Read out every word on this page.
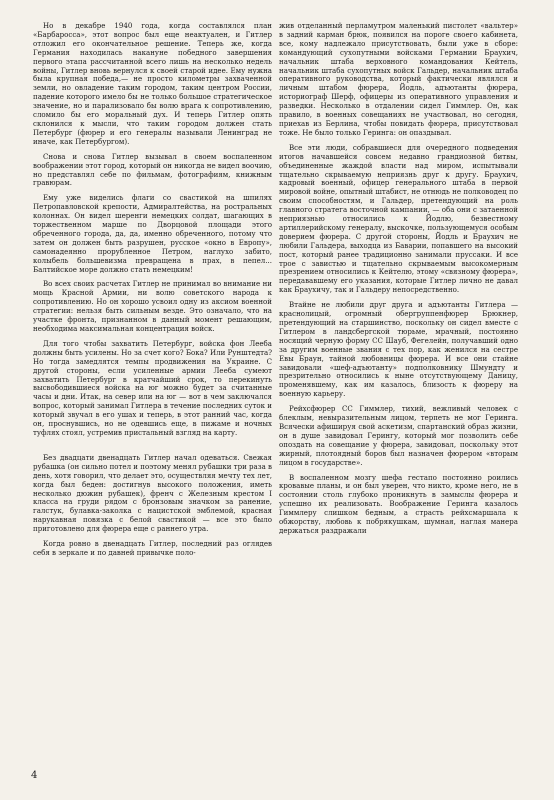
Но в декабре 1940 года, когда составлялся план «Барбаросса», этот вопрос был еще неактуален, и Гитлер отложил его окончательное решение. Теперь же, когда Германия находилась накануне победного завершения первого этапа рассчитанной всего лишь на несколько недель войны, Гитлер вновь вернулся к своей старой идее. Ему нужна была крупная победа,— не просто километры захваченной земли, но овладение таким городом, таким центром России, падение которого имело бы не только большое стратегическое значение, но и парализовало бы волю врага к сопротивлению, сломило бы его моральный дух. И теперь Гитлер опять склонился к мысли, что таким городом должен стать Петербург (фюрер и его генералы называли Ленинград не иначе, как Петербургом).

Снова и снова Гитлер вызывал в своем воспаленном воображении этот город, который он никогда не видел воочию, но представлял себе по фильмам, фотографиям, книжным гравюрам.

Ему уже виделись флаги со свастикой на шпилях Петропавловской крепости, Адмиралтейства, на ростральных колоннах. Он видел шеренги немецких солдат, шагающих в торжественном марше по Дворцовой площади этого обреченного города, да, да, именно обреченного, потому что затем он должен быть разрушен, русское «окно в Европу», самонадеянно прорубленное Петром, наглухо забито, колыбель большевизма превращена в прах, в пепел... Балтийское море должно стать немецким!

Во всех своих расчетах Гитлер не принимал во внимание ни мощь Красной Армии, ни волю советского народа к сопротивлению. Но он хорошо усвоил одну из аксиом военной стратегии: нельзя быть сильным везде. Это означало, что на участке фронта, признанном в данный момент решающим, необходима максимальная концентрация войск.

Для того чтобы захватить Петербург, войска фон Лееба должны быть усилены. Но за счет кого? Бока? Или Рунштедта? Но тогда замедлятся темпы продвижения на Украине. С другой стороны, если усиленные армии Лееба сумеют захватить Петербург в кратчайший срок, то перекинуть высвободившиеся войска на юг можно будет за считанные часы и дни. Итак, на север или на юг — вот в чем заключался вопрос, который занимал Гитлера в течение последних суток и который звучал в его ушах и теперь, в этот ранний час, когда он, проснувшись, но не одевшись еще, в пижаме и ночных туфлях стоял, устремив пристальный взгляд на карту.

Без двадцати двенадцать Гитлер начал одеваться. Свежая рубашка (он сильно потел и поэтому менял рубашки три раза в день, хотя говорил, что делает это, осуществляя мечту тех лет, когда был беден: достигнув высокого положения, иметь несколько дюжин рубашек), френч с Железным крестом I класса на груди рядом с бронзовым значком за ранение, галстук, булавка-заколка с нацистской эмблемой, красная нарукавная повязка с белой свастикой — все это было приготовлено для фюрера еще с раннего утра.

Когда ровно в двенадцать Гитлер, последний раз оглядев себя в зеркале и по давней привычке поло-

жив отделанный перламутром маленький пистолет «вальтер» в задний карман брюк, появился на пороге своего кабинета, все, кому надлежало присутствовать, были уже в сборе: командующий сухопутными войсками Германии Браухич, начальник штаба верховного командования Кейтель, начальник штаба сухопутных войск Гальдер, начальник штаба оперативного руководства, который фактически являлся и личным штабом фюрера, Йодль, адъютанты фюрера, историограф Шерф, офицеры из оперативного управления и разведки. Несколько в отдалении сидел Гиммлер. Он, как правило, в военных совещаниях не участвовал, но сегодня, приехав из Берлина, чтобы повидать фюрера, присутствовал тоже. Не было только Геринга: он опаздывал.

Все эти люди, собравшиеся для очередного подведения итогов начавшейся совсем недавно грандиозной битвы, объединенные жаждой власти над миром, испытывали тщательно скрываемую неприязнь друг к другу. Браухич, кадровый военный, офицер генерального штаба в первой мировой войне, опытный штабист, не отнюдь не полководец по своим способностям, и Гальдер, претендующий на роль главного стратега восточной кампании, — оба они с затаенной неприязнью относились к Йодлю, безвестному артиллерийскому генералу, выскочке, пользующемуся особым доверием фюрера. С другой стороны, Йодль и Браухич не любили Гальдера, выходца из Баварии, попавшего на высокий пост, который ранее традиционно занимали пруссаки. И все трое с завистью и тщательно скрываемым высокомерным презрением относились к Кейтелю, этому «связному фюрера», передававшему его указания, которые Гитлер лично не давал как Браухичу, так и Гальдеру непосредственно.

Втайне не любили друг друга и адъютанты Гитлера — краснолицый, огромный обергруппенфюрер Брюкнер, претендующий на старшинство, поскольку он сидел вместе с Гитлером в ландсбергской тюрьме, мрачный, постоянно носящий черную форму СС Шауб, Фегелейн, получавший одно за другим военные звания с тех пор, как женился на сестре Евы Браун, тайной любовницы фюрера. И все они стайне завидовали «шеф-адъютанту» подполковнику Шмундту и презрительно относились к ныне отсутствующему Даницу, променявшему, как им казалось, близость к фюреру на военную карьеру.

Рейхсфюрер СС Гиммлер, тихий, вежливый человек с блеклым, невыразительным лицом, терпеть не мог Геринга. Всячески афишируя свой аскетизм, спартанский образ жизни, он в душе завидовал Герингу, который мог позволить себе опоздать на совещание у фюрера, завидовал, поскольку этот жирный, плотоядный боров был назначен фюрером «вторым лицом в государстве».

В воспаленном мозгу шефа гестапо постоянно роились кровавые планы, и он был уверен, что никто, кроме него, не в состоянии столь глубоко проникнуть в замыслы фюрера и успешно их реализовать. Воображение Геринга казалось Гиммлеру слишком бедным, а страсть рейхсмаршала к обжорству, любовь к побрякушкам, шумная, наглая манера держаться раздражали

4
